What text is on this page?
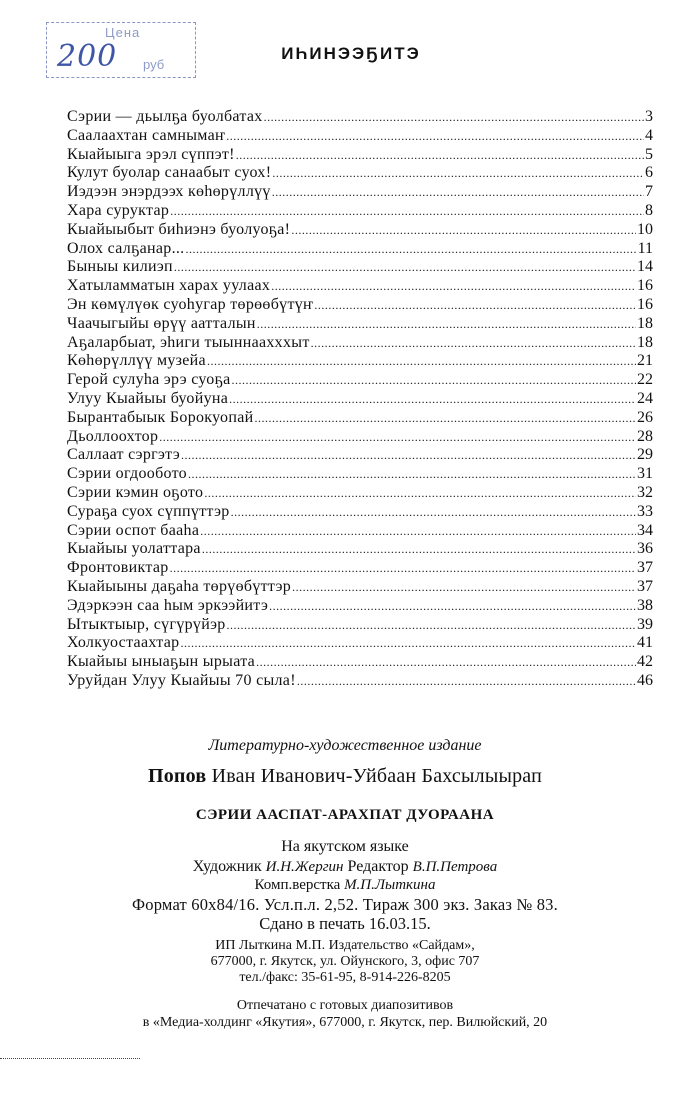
Цена
200 руб
ИҺИНЭЭҔИТЭ
Сэрии — дьылҕа буолбатах .....	3
Саалаахтан самнымаҥ .....	4
Кыайыыга эрэл сүппэт! .....	5
Кулут буолар санаабыт суох! .....	6
Иэдээн энэрдээх көһөрүллүү .....	7
Хара суруктар .....	8
Кыайыыбыт биһиэнэ буолуоҕа! .....	10
Олох салҕанар... .....	11
Быныы килиэп .....	14
Хатыламматын харах уулаах .....	16
Эн көмүлүөк суоһугар төрөөбүтүҥ .....	16
Чаачыгыйы өрүү аатталын .....	18
Аҕаларбыат, эһиги тыыннаахххыт .....	18
Көһөрүллүү музейа .....	21
Герой сулуһа эрэ суоҕа .....	22
Улуу Кыайыы буойуна .....	24
Бырантабыык Борокуопай .....	26
Дьоллоохтор .....	28
Саллаат сэргэтэ .....	29
Сэрии огдообото .....	31
Сэрии кэмин оҕото .....	32
Сураҕа суох сүппүттэр .....	33
Сэрии оспот бааһа .....	34
Кыайыы уолаттара .....	36
Фронтовиктар .....	37
Кыайыыны даҕаһа төрүөбүттэр .....	37
Эдэркээн саа һым эркээйитэ .....	38
Ытыктыыр, сүгүрүйэр .....	39
Холкуостаахтар .....	41
Кыайыы ыныаҕын ырыата .....	42
Уруйдан Улуу Кыайыы 70 сыла! .....	46
Литературно-художественное издание
Попов Иван Иванович-Уйбаан Бахсылыырап
СЭРИИ ААСПАТ-АРАХПАТ ДУОРААНА
На якутском языке
Художник И.Н.Жергин Редактор В.П.Петрова
Комп.верстка М.П.Лыткина
Формат 60х84/16. Усл.п.л. 2,52. Тираж 300 экз. Заказ № 83.
Сдано в печать 16.03.15.
ИП Лыткина М.П. Издательство «Сайдам»,
677000, г. Якутск, ул. Ойунского, 3, офис 707
тел./факс: 35-61-95, 8-914-226-8205
Отпечатано с готовых диапозитивов
в «Медиа-холдинг «Якутия», 677000, г. Якутск, пер. Вилюйский, 20
